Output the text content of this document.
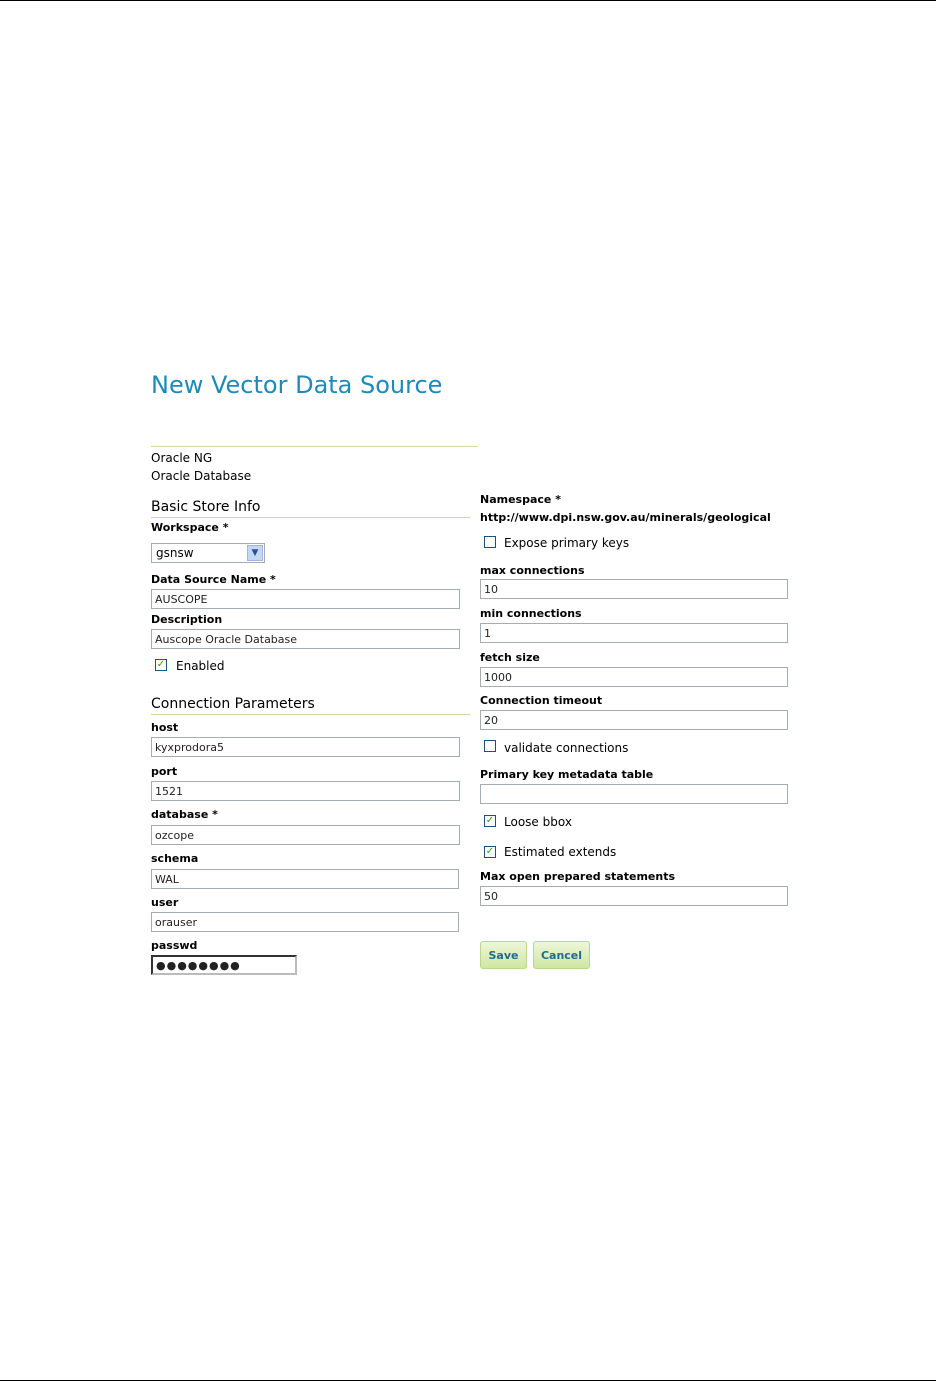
New Vector Data Source
Oracle NG
Oracle Database
Basic Store Info
Workspace *
gsnsw	▼
Data Source Name *
AUSCOPE
Description
Auscope Oracle Database
✓ Enabled
Connection Parameters
host
kyxprodora5
port
1521
database *
ozcope
schema
WAL
user
orauser
passwd
●●●●●●●●
Namespace *
http://www.dpi.nsw.gov.au/minerals/geological
Expose primary keys
max connections
10
min connections
1
fetch size
1000
Connection timeout
20
validate connections
Primary key metadata table
✓ Loose bbox
✓ Estimated extends
Max open prepared statements
50
Save	Cancel
